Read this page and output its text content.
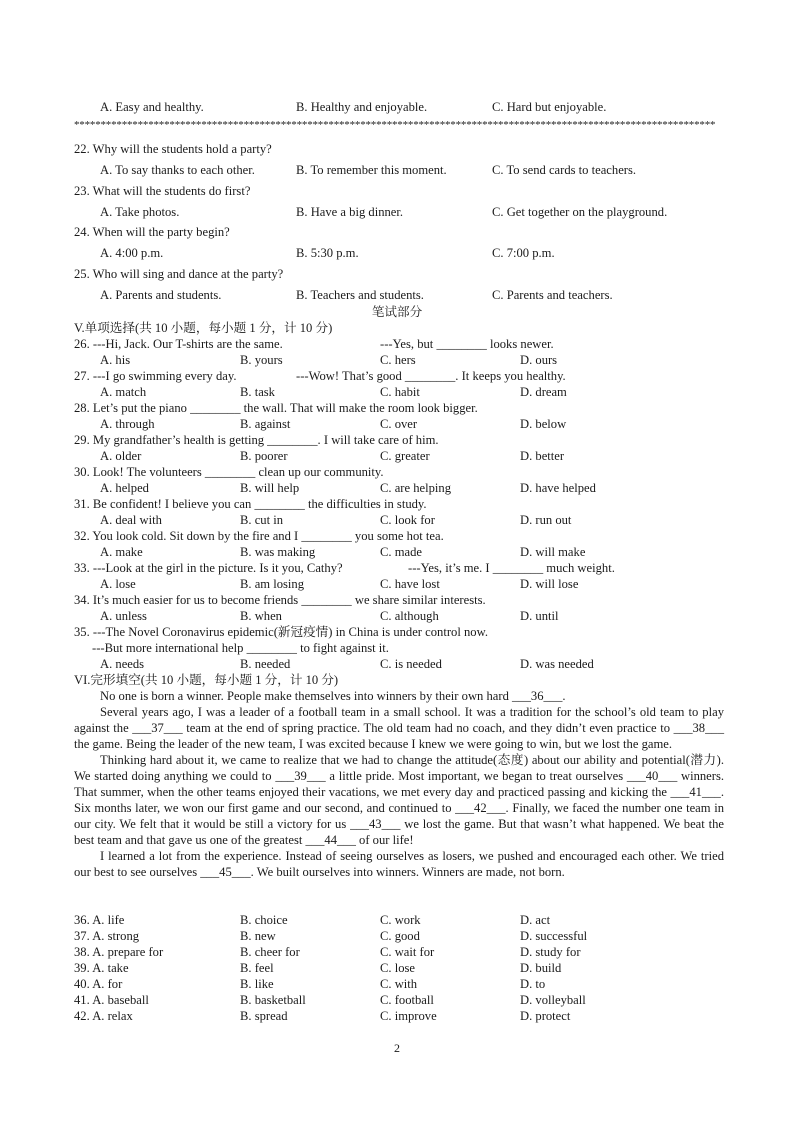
A. Easy and healthy.	B. Healthy and enjoyable.	C. Hard but enjoyable.
*************************************************************************************************************************
22. Why will the students hold a party?
A. To say thanks to each other.	B. To remember this moment.	C. To send cards to teachers.
23. What will the students do first?
A. Take photos.	B. Have a big dinner.	C. Get together on the playground.
24. When will the party begin?
A. 4:00 p.m.	B. 5:30 p.m.	C. 7:00 p.m.
25. Who will sing and dance at the party?
A. Parents and students.	B. Teachers and students.	C. Parents and teachers.
笔试部分
V.单项选择(共 10 小题，每小题 1 分，计 10 分)
26. ---Hi, Jack. Our T-shirts are the same.	---Yes, but ________ looks newer.
A. his	B. yours	C. hers	D. ours
27. ---I go swimming every day.	---Wow! That’s good ________. It keeps you healthy.
A. match	B. task	C. habit	D. dream
28. Let’s put the piano ________ the wall. That will make the room look bigger.
A. through	B. against	C. over	D. below
29. My grandfather’s health is getting ________. I will take care of him.
A. older	B. poorer	C. greater	D. better
30. Look! The volunteers ________ clean up our community.
A. helped	B. will help	C. are helping	D. have helped
31. Be confident! I believe you can ________ the difficulties in study.
A. deal with	B. cut in	C. look for	D. run out
32. You look cold. Sit down by the fire and I ________ you some hot tea.
A. make	B. was making	C. made	D. will make
33. ---Look at the girl in the picture. Is it you, Cathy?	---Yes, it’s me. I ________ much weight.
A. lose	B. am losing	C. have lost	D. will lose
34. It’s much easier for us to become friends ________ we share similar interests.
A. unless	B. when	C. although	D. until
35. ---The Novel Coronavirus epidemic(新冠疫情) in China is under control now.
---But more international help ________ to fight against it.
A. needs	B. needed	C. is needed	D. was needed
VI.完形填空(共 10 小题，每小题 1 分，计 10 分)

No one is born a winner. People make themselves into winners by their own hard ___36___.

Several years ago, I was a leader of a football team in a small school. It was a tradition for the school’s old team to play against the ___37___ team at the end of spring practice. The old team had no coach, and they didn’t even practice to ___38___ the game. Being the leader of the new team, I was excited because I knew we were going to win, but we lost the game.

Thinking hard about it, we came to realize that we had to change the attitude(态度) about our ability and potential(潜力). We started doing anything we could to ___39___ a little pride. Most important, we began to treat ourselves ___40___ winners. That summer, when the other teams enjoyed their vacations, we met every day and practiced passing and kicking the ___41___. Six months later, we won our first game and our second, and continued to ___42___. Finally, we faced the number one team in our city. We felt that it would be still a victory for us ___43___ we lost the game. But that wasn’t what happened. We beat the best team and that gave us one of the greatest ___44___ of our life!

I learned a lot from the experience. Instead of seeing ourselves as losers, we pushed and encouraged each other. We tried our best to see ourselves ___45___. We built ourselves into winners. Winners are made, not born.

36. A. life	B. choice	C. work	D. act
37. A. strong	B. new	C. good	D. successful
38. A. prepare for	B. cheer for	C. wait for	D. study for
39. A. take	B. feel	C. lose	D. build
40. A. for	B. like	C. with	D. to
41. A. baseball	B. basketball	C. football	D. volleyball
42. A. relax	B. spread	C. improve	D. protect
2
